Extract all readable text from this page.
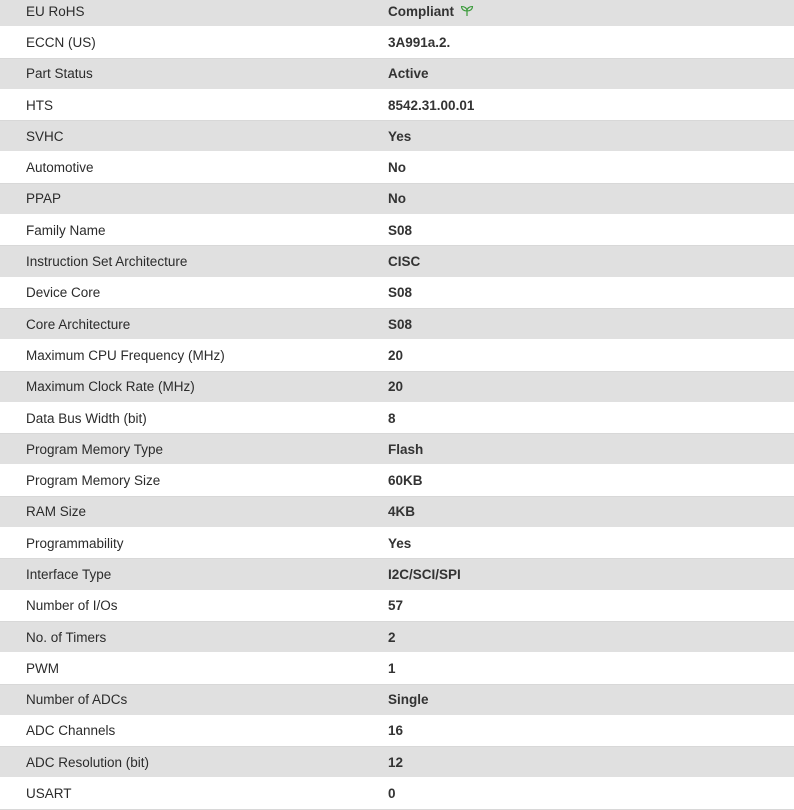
EU RoHS	Compliant
ECCN (US)	3A991a.2.
Part Status	Active
HTS	8542.31.00.01
SVHC	Yes
Automotive	No
PPAP	No
Family Name	S08
Instruction Set Architecture	CISC
Device Core	S08
Core Architecture	S08
Maximum CPU Frequency (MHz)	20
Maximum Clock Rate (MHz)	20
Data Bus Width (bit)	8
Program Memory Type	Flash
Program Memory Size	60KB
RAM Size	4KB
Programmability	Yes
Interface Type	I2C/SCI/SPI
Number of I/Os	57
No. of Timers	2
PWM	1
Number of ADCs	Single
ADC Channels	16
ADC Resolution (bit)	12
USART	0
